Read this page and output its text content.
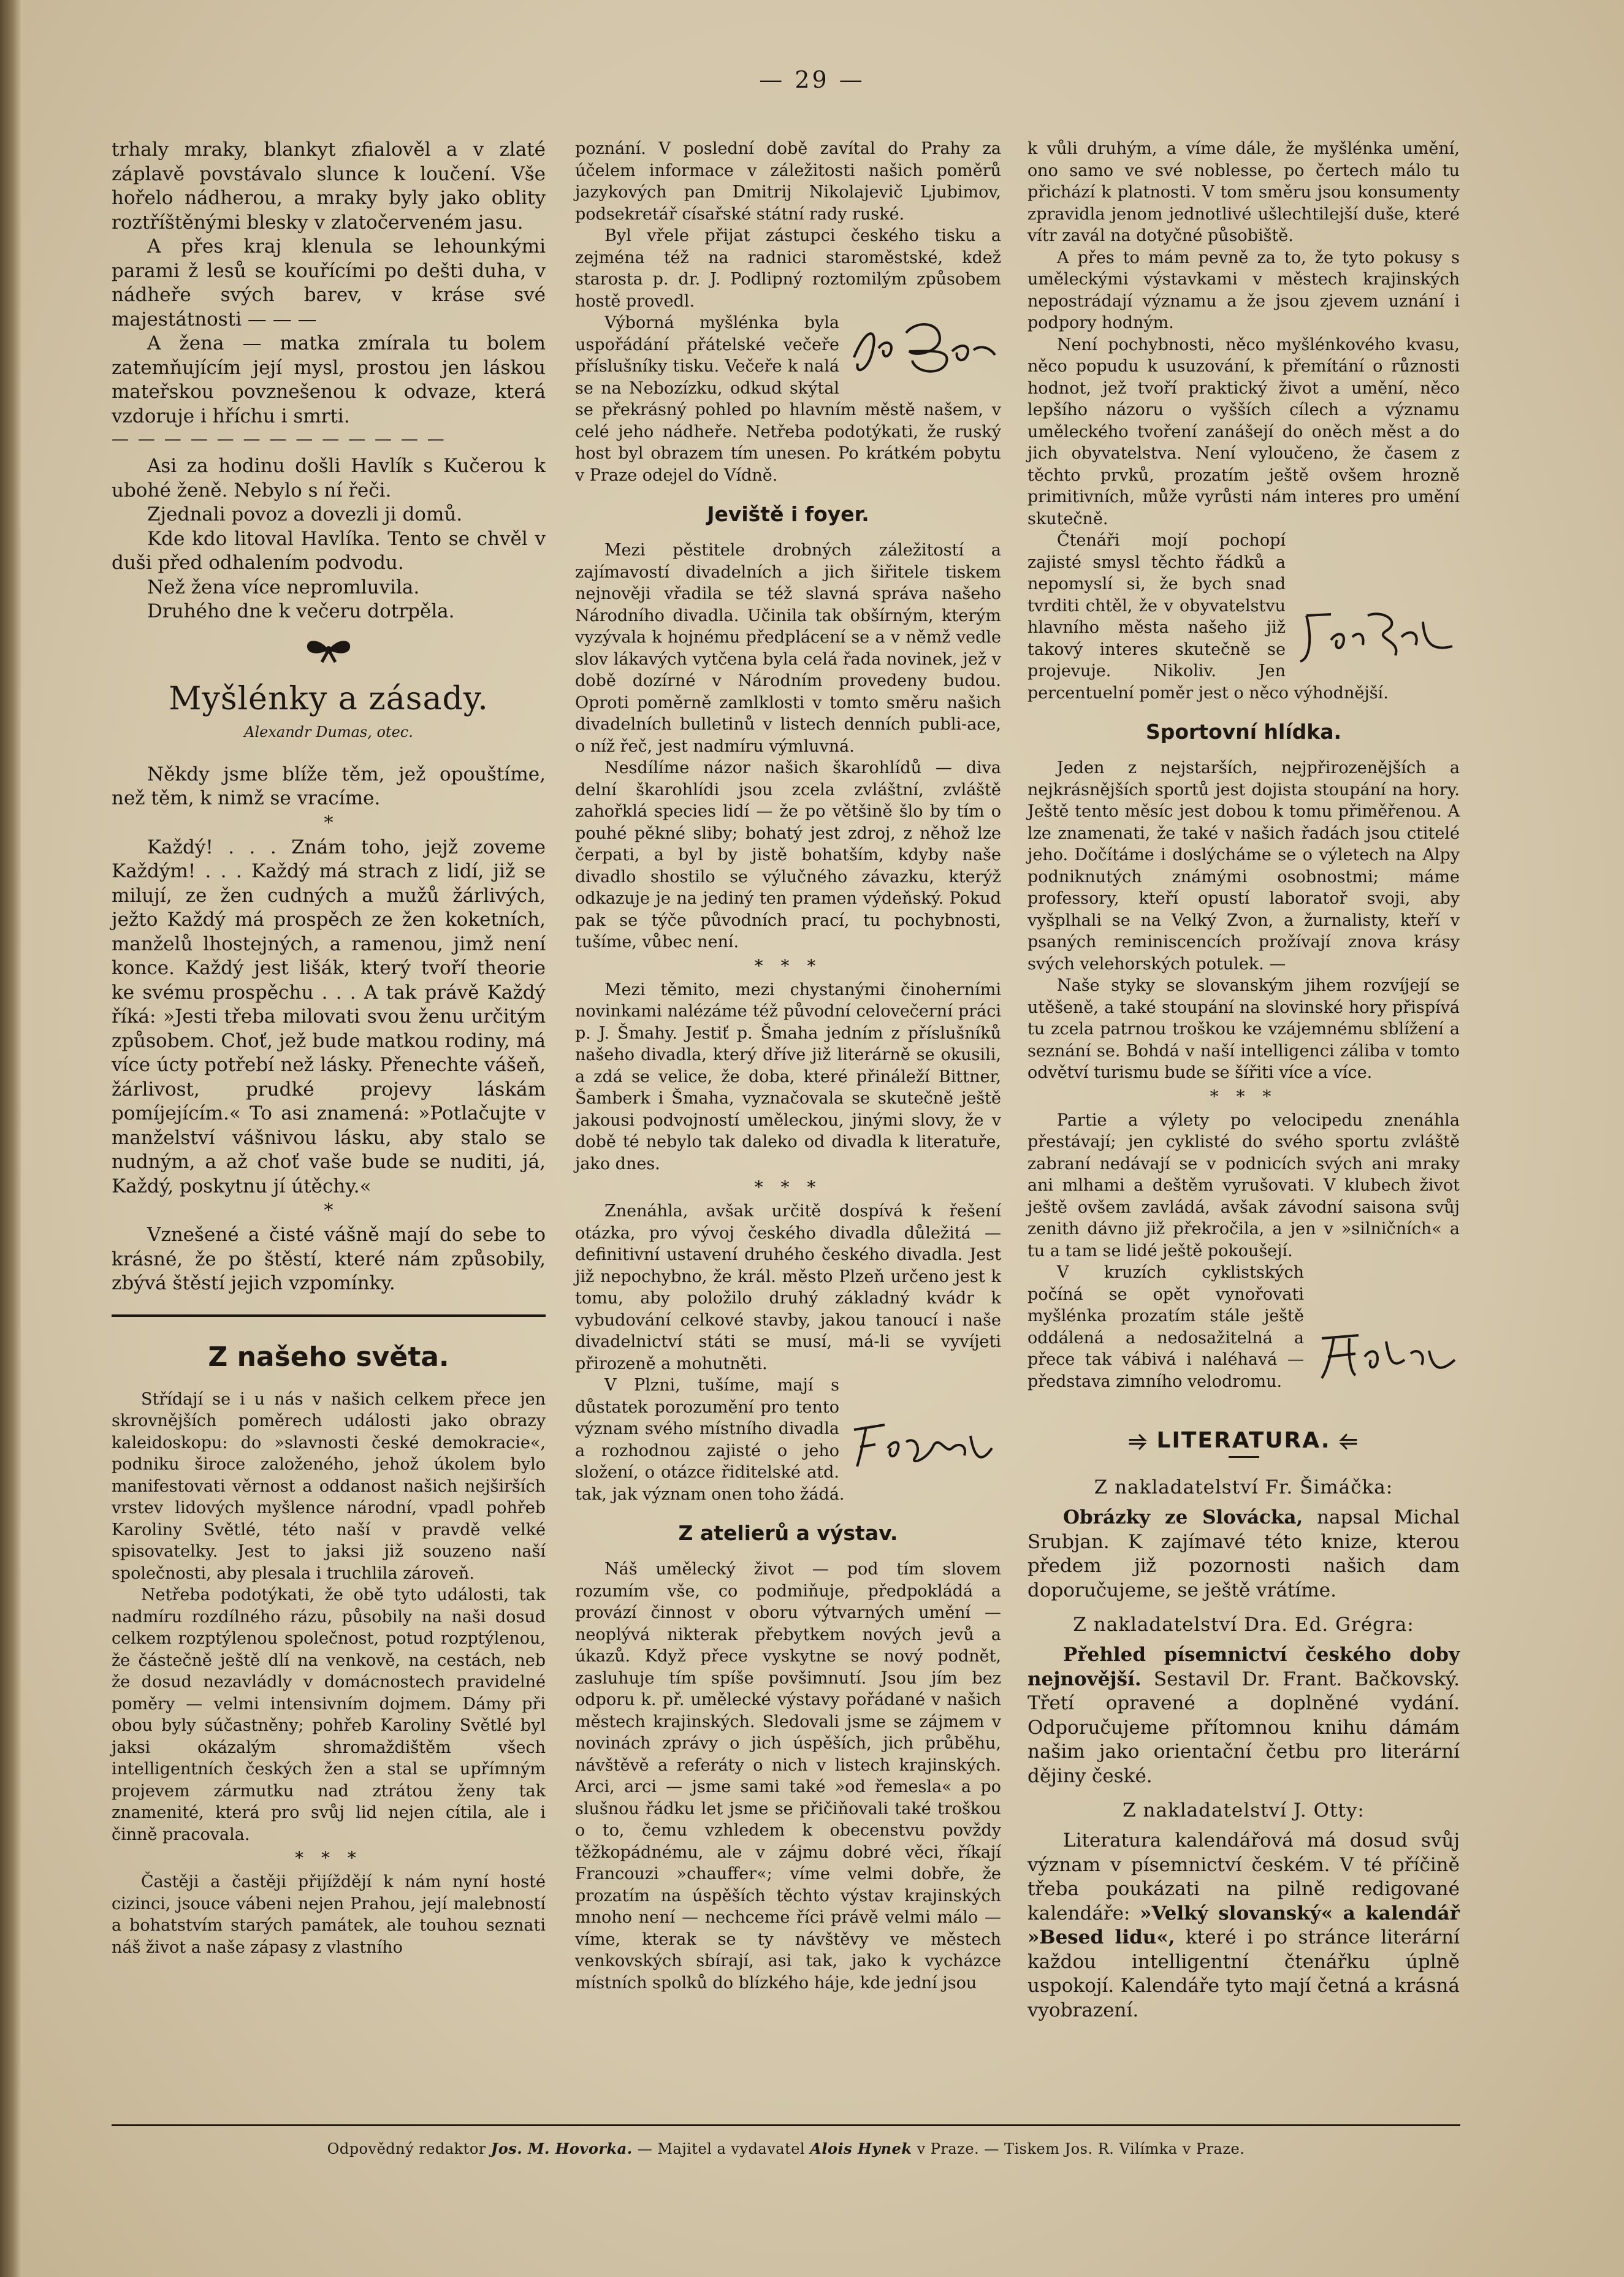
— 29 —

trhaly mraky, blankyt zfialověl a v zlaté záplavě povstávalo slunce k loučení. Vše hořelo nádherou, a mraky byly jako oblity roztříštěnými blesky v zlatočerveném jasu.

A přes kraj klenula se lehounkými parami ž lesů se kouřícími po dešti duha, v nádheře svých barev, v kráse své majestátnosti — — —

A žena — matka zmírala tu bolem zatemňujícím její mysl, prostou jen láskou mateřskou povznešenou k odvaze, která vzdoruje i hříchu i smrti.

— — — — — — — — — — — — —

Asi za hodinu došli Havlík s Kučerou k ubohé ženě. Nebylo s ní řeči.

Zjednali povoz a dovezli ji domů.

Kde kdo litoval Havlíka. Tento se chvěl v duši před odhalením podvodu.

Než žena více nepromluvila.

Druhého dne k večeru dotrpěla.

Myšlénky a zásady.
Alexandr Dumas, otec.

Někdy jsme blíže těm, jež opouštíme, než těm, k nimž se vracíme.

*

Každý! . . . Znám toho, jejž zoveme Každým! . . . Každý má strach z lidí, již se milují, ze žen cudných a mužů žárlivých, ježto Každý má prospěch ze žen koketních, manželů lhostejných, a ramenou, jimž není konce. Každý jest lišák, který tvoří theorie ke svému prospěchu . . . A tak právě Každý říká: »Jesti třeba milovati svou ženu určitým způsobem. Choť, jež bude matkou rodiny, má více úcty potřebí než lásky. Přenechte vášeň, žárlivost, prudké projevy láskám pomíjejícím.« To asi znamená: »Potlačujte v manželství vášnivou lásku, aby stalo se nudným, a až choť vaše bude se nuditi, já, Každý, poskytnu jí útěchy.«

*

Vznešené a čisté vášně mají do sebe to krásné, že po štěstí, které nám způsobily, zbývá štěstí jejich vzpomínky.

Z našeho světa.

Střídají se i u nás v našich celkem přece jen skrovnějších poměrech události jako obrazy kaleidoskopu: do »slavnosti české demokracie«, podniku široce založeného, jehož úkolem bylo manifestovati věrnost a oddanost našich nejširších vrstev lidových myšlence národní, vpadl pohřeb Karoliny Světlé, této naší v pravdě velké spisovatelky. Jest to jaksi již souzeno naší společnosti, aby plesala i truchlila zároveň.

Netřeba podotýkati, že obě tyto události, tak nadmíru rozdílného rázu, působily na naši dosud celkem rozptýlenou společnost, potud rozptýlenou, že částečně ještě dlí na venkově, na cestách, neb že dosud nezavládly v domácnostech pravidelné poměry — velmi intensivním dojmem. Dámy při obou byly súčastněny; pohřeb Karoliny Světlé byl jaksi okázalým shromaždištěm všech intelligentních českých žen a stal se upřímným projevem zármutku nad ztrátou ženy tak znamenité, která pro svůj lid nejen cítila, ale i činně pracovala.

* * *

Častěji a častěji přijíždějí k nám nyní hosté cizinci, jsouce vábeni nejen Prahou, její malebností a bohatstvím starých památek, ale touhou seznati náš život a naše zápasy z vlastního

poznání. V poslední době zavítal do Prahy za účelem informace v záležitosti našich poměrů jazykových pan Dmitrij Nikolajevič Ljubimov, podsekretář císařské státní rady ruské.

Byl vřele přijat zástupci českého tisku a zejména též na radnici staroměstské, kdež starosta p. dr. J. Podlipný roztomilým způsobem hostě provedl.

Výborná myšlénka byla uspořádání přátelské večeře příslušníky tisku. Večeře k nalá se na Nebozízku, odkud skýtal se překrásný pohled po hlavním městě našem, v celé jeho nádheře. Netřeba podotýkati, že ruský host byl obrazem tím unesen. Po krátkém pobytu v Praze odejel do Vídně.

Jeviště i foyer.

Mezi pěstitele drobných záležitostí a zajímavostí divadelních a jich šiřitele tiskem nejnověji vřadila se též slavná správa našeho Národního divadla. Učinila tak obšírným, kterým vyzývala k hojnému předplácení se a v němž vedle slov lákavých vytčena byla celá řada novinek, jež v době dozírné v Národním provedeny budou. Oproti poměrně zamlklosti v tomto směru našich divadelních bulletinů v listech denních publi-ace, o níž řeč, jest nadmíru výmluvná.

Nesdílíme názor našich škarohlídů — diva delní škarohlídi jsou zcela zvláštní, zvláště zahořklá species lidí — že po většině šlo by tím o pouhé pěkné sliby; bohatý jest zdroj, z něhož lze čerpati, a byl by jistě bohatším, kdyby naše divadlo shostilo se výlučného závazku, kterýž odkazuje je na jediný ten pramen výdeňský. Pokud pak se týče původních prací, tu pochybnosti, tušíme, vůbec není.

* * *

Mezi těmito, mezi chystanými činoherními novinkami nalézáme též původní celovečerní práci p. J. Šmahy. Jestiť p. Šmaha jedním z příslušníků našeho divadla, který dříve již literárně se okusili, a zdá se velice, že doba, které přináleží Bittner, Šamberk i Šmaha, vyznačovala se skutečně ještě jakousi podvojností uměleckou, jinými slovy, že v době té nebylo tak daleko od divadla k literatuře, jako dnes.

* * *

Znenáhla, avšak určitě dospívá k řešení otázka, pro vývoj českého divadla důležitá — definitivní ustavení druhého českého divadla. Jest již nepochybno, že král. město Plzeň určeno jest k tomu, aby položilo druhý základný kvádr k vybudování celkové stavby, jakou tanoucí i naše divadelnictví státi se musí, má-li se vyvíjeti přirozeně a mohutněti.

V Plzni, tušíme, mají s důstatek porozumění pro tento význam svého místního divadla a rozhodnou zajisté o jeho složení, o otázce řiditelské atd. tak, jak význam onen toho žádá.

Z atelierů a výstav.

Náš umělecký život — pod tím slovem rozumím vše, co podmiňuje, předpokládá a provází činnost v oboru výtvarných umění — neoplývá nikterak přebytkem nových jevů a úkazů. Když přece vyskytne se nový podnět, zasluhuje tím spíše povšimnutí. Jsou jím bez odporu k. př. umělecké výstavy pořádané v našich městech krajinských. Sledovali jsme se zájmem v novinách zprávy o jich úspěších, jich průběhu, návštěvě a referáty o nich v listech krajinských. Arci, arci — jsme sami také »od řemesla« a po slušnou řádku let jsme se přičiňovali také troškou o to, čemu vzhledem k obecenstvu povždy těžkopádnému, ale v zájmu dobré věci, říkají Francouzi »chauffer«; víme velmi dobře, že prozatím na úspěších těchto výstav krajinských mnoho není — nechceme říci právě velmi málo — víme, kterak se ty návštěvy ve městech venkovských sbírají, asi tak, jako k vycházce místních spolků do blízkého háje, kde jední jsou

k vůli druhým, a víme dále, že myšlénka umění, ono samo ve své noblesse, po čertech málo tu přichází k platnosti. V tom směru jsou konsumenty zpravidla jenom jednotlivé ušlechtilejší duše, které vítr zavál na dotyčné působiště.

A přes to mám pevně za to, že tyto pokusy s uměleckými výstavkami v městech krajinských nepostrádají významu a že jsou zjevem uznání i podpory hodným.

Není pochybnosti, něco myšlénkového kvasu, něco popudu k usuzování, k přemítání o různosti hodnot, jež tvoří praktický život a umění, něco lepšího názoru o vyšších cílech a významu uměleckého tvoření zanášejí do oněch měst a do jich obyvatelstva. Není vyloučeno, že časem z těchto prvků, prozatím ještě ovšem hrozně primitivních, může vyrůsti nám interes pro umění skutečně.

Čtenáři mojí pochopí zajisté smysl těchto řádků a nepomyslí si, že bych snad tvrditi chtěl, že v obyvatelstvu hlavního města našeho již takový interes skutečně se projevuje. Nikoliv. Jen percentuelní poměr jest o něco výhodnější.

Sportovní hlídka.

Jeden z nejstarších, nejpřirozenějších a nejkrásnějších sportů jest dojista stoupání na hory. Ještě tento měsíc jest dobou k tomu přiměřenou. A lze znamenati, že také v našich řadách jsou ctitelé jeho. Dočítáme i doslýcháme se o výletech na Alpy podniknutých známými osobnostmi; máme professory, kteří opustí laboratoř svoji, aby vyšplhali se na Velký Zvon, a žurnalisty, kteří v psaných reminiscencích prožívají znova krásy svých velehorských potulek. —

Naše styky se slovanským jihem rozvíjejí se utěšeně, a také stoupání na slovinské hory přispívá tu zcela patrnou troškou ke vzájemnému sblížení a seznání se. Bohdá v naší intelligenci záliba v tomto odvětví turismu bude se šířiti více a více.

* * *

Partie a výlety po velocipedu znenáhla přestávají; jen cyklisté do svého sportu zvláště zabraní nedávají se v podnicích svých ani mraky ani mlhami a deštěm vyrušovati. V klubech život ještě ovšem zavládá, avšak závodní saisona svůj zenith dávno již překročila, a jen v »silničních« a tu a tam se lidé ještě pokoušejí.

V kruzích cyklistských počíná se opět vynořovati myšlénka prozatím stále ještě oddálená a nedosažitelná a přece tak vábivá i naléhavá — představa zimního velodromu.

⥤ LITERATURA. ⥢
Z nakladatelství Fr. Šimáčka:

Obrázky ze Slovácka, napsal Michal Srubjan. K zajímavé této knize, kterou předem již pozornosti našich dam doporučujeme, se ještě vrátíme.

Z nakladatelství Dra. Ed. Grégra:

Přehled písemnictví českého doby nejnovější. Sestavil Dr. Frant. Bačkovský. Třetí opravené a doplněné vydání. Odporučujeme přítomnou knihu dámám našim jako orientační četbu pro literární dějiny české.

Z nakladatelství J. Otty:

Literatura kalendářová má dosud svůj význam v písemnictví českém. V té příčině třeba poukázati na pilně redigované kalendáře: »Velký slovanský« a kalendář »Besed lidu«, které i po stránce literární každou intelligentní čtenářku úplně uspokojí. Kalendáře tyto mají četná a krásná vyobrazení.

Odpovědný redaktor Jos. M. Hovorka. — Majitel a vydavatel Alois Hynek v Praze. — Tiskem Jos. R. Vilímka v Praze.
